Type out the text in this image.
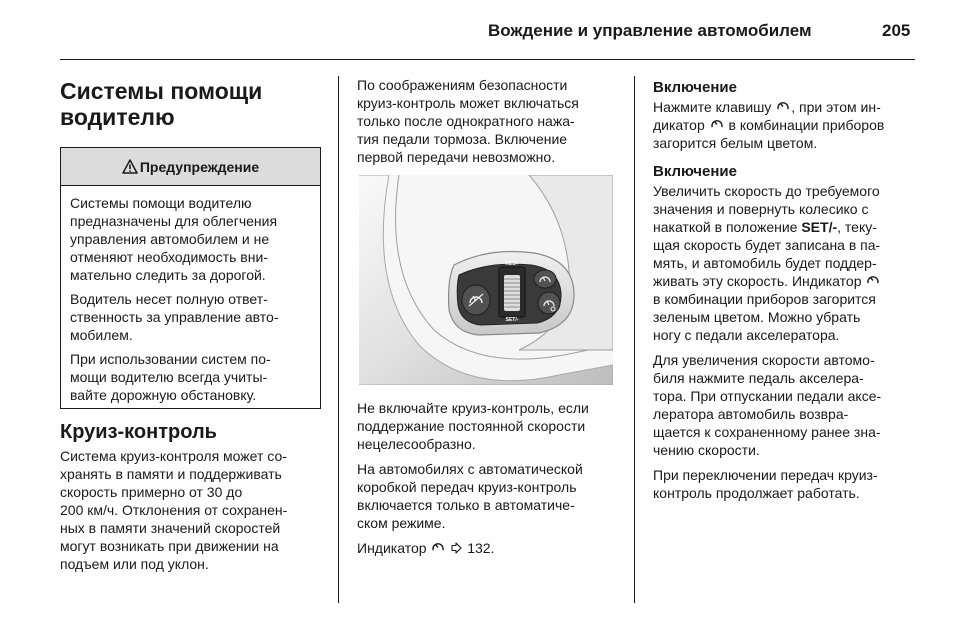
Вождение и управление автомобилем	205
Системы помощи
водителю
Предупреждение

Системы помощи водителю
предназначены для облегчения
управления автомобилем и не
отменяют необходимость вни-
мательно следить за дорогой.

Водитель несет полную ответ-
ственность за управление авто-
мобилем.

При использовании систем по-
мощи водителю всегда учиты-
вайте дорожную обстановку.

Круиз-контроль

Система круиз-контроля может со-
хранять в памяти и поддерживать
скорость примерно от 30 до
200 км/ч. Отклонения от сохранен-
ных в памяти значений скоростей
могут возникать при движении на
подъем или под уклон.

По соображениям безопасности
круиз-контроль может включаться
только после однократного нажа-
тия педали тормоза. Включение
первой передачи невозможно.

RES+
SET/-

Не включайте круиз-контроль, если
поддержание постоянной скорости
нецелесообразно.

На автомобилях с автоматической
коробкой передач круиз-контроль
включается только в автоматиче-
ском режиме.

Индикатор	132.

Включение

Нажмите клавишу , при этом ин-
дикатор в комбинации приборов
загорится белым цветом.

Включение

Увеличить скорость до требуемого
значения и повернуть колесико с
накаткой в положение SET/-, теку-
щая скорость будет записана в па-
мять, и автомобиль будет поддер-
живать эту скорость. Индикатор
в комбинации приборов загорится
зеленым цветом. Можно убрать
ногу с педали акселератора.

Для увеличения скорости автомо-
биля нажмите педаль акселера-
тора. При отпускании педали аксе-
лератора автомобиль возвра-
щается к сохраненному ранее зна-
чению скорости.

При переключении передач круиз-
контроль продолжает работать.
